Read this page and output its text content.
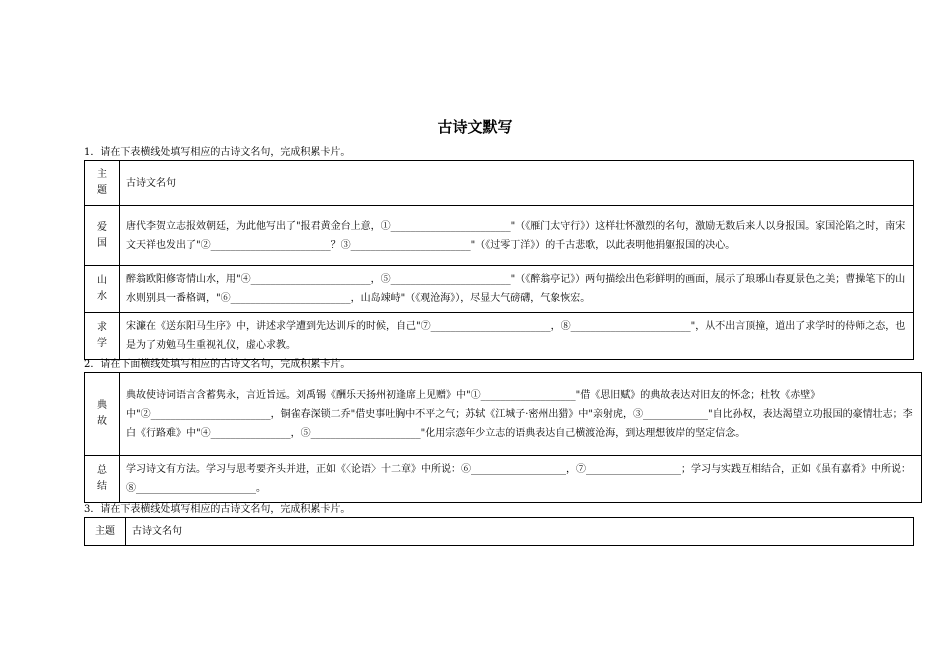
古诗文默写
1．请在下表横线处填写相应的古诗文名句，完成积累卡片。
主
题	古诗文名句
爱
国	唐代李贺立志报效朝廷，为此他写出了"报君黄金台上意，①________________________"（《雁门太守行》）这样壮怀激烈的名句，激励无数后来人以身报国。家国沦陷之时，南宋文天祥也发出了"②________________________？③________________________"（《过零丁洋》）的千古悲歌，以此表明他捐躯报国的决心。
山
水	醉翁欧阳修寄情山水，用"④________________________，⑤________________________"（《醉翁亭记》）两句描绘出色彩鲜明的画面，展示了琅琊山春夏景色之美；曹操笔下的山水则别具一番格调，"⑥________________________，山岛竦峙"（《观沧海》），尽显大气磅礴，气象恢宏。
求
学	宋濂在《送东阳马生序》中，讲述求学遭到先达训斥的时候，自己"⑦________________________，⑧________________________"，从不出言顶撞，道出了求学时的侍师之态，也是为了劝勉马生重视礼仪，虚心求教。
2．请在下面横线处填写相应的古诗文名句，完成积累卡片。
典
故	典故使诗词语言含蓄隽永，言近旨远。刘禹锡《酬乐天扬州初逢席上见赠》中"①___________________"借《思旧赋》的典故表达对旧友的怀念；杜牧《赤壁》中"②________________________，铜雀春深锁二乔"借史事吐胸中不平之气；苏轼《江城子·密州出猎》中"亲射虎，③_____________"自比孙权，表达渴望立功报国的豪情壮志；李白《行路难》中"④________________，⑤______________________"化用宗悫年少立志的语典表达自己横渡沧海，到达理想彼岸的坚定信念。
总
结	学习诗文有方法。学习与思考要齐头并进，正如《〈论语〉十二章》中所说：⑥___________________，⑦___________________；学习与实践互相结合，正如《虽有嘉肴》中所说：⑧________________________。
3．请在下表横线处填写相应的古诗文名句，完成积累卡片。
主题	古诗文名句
